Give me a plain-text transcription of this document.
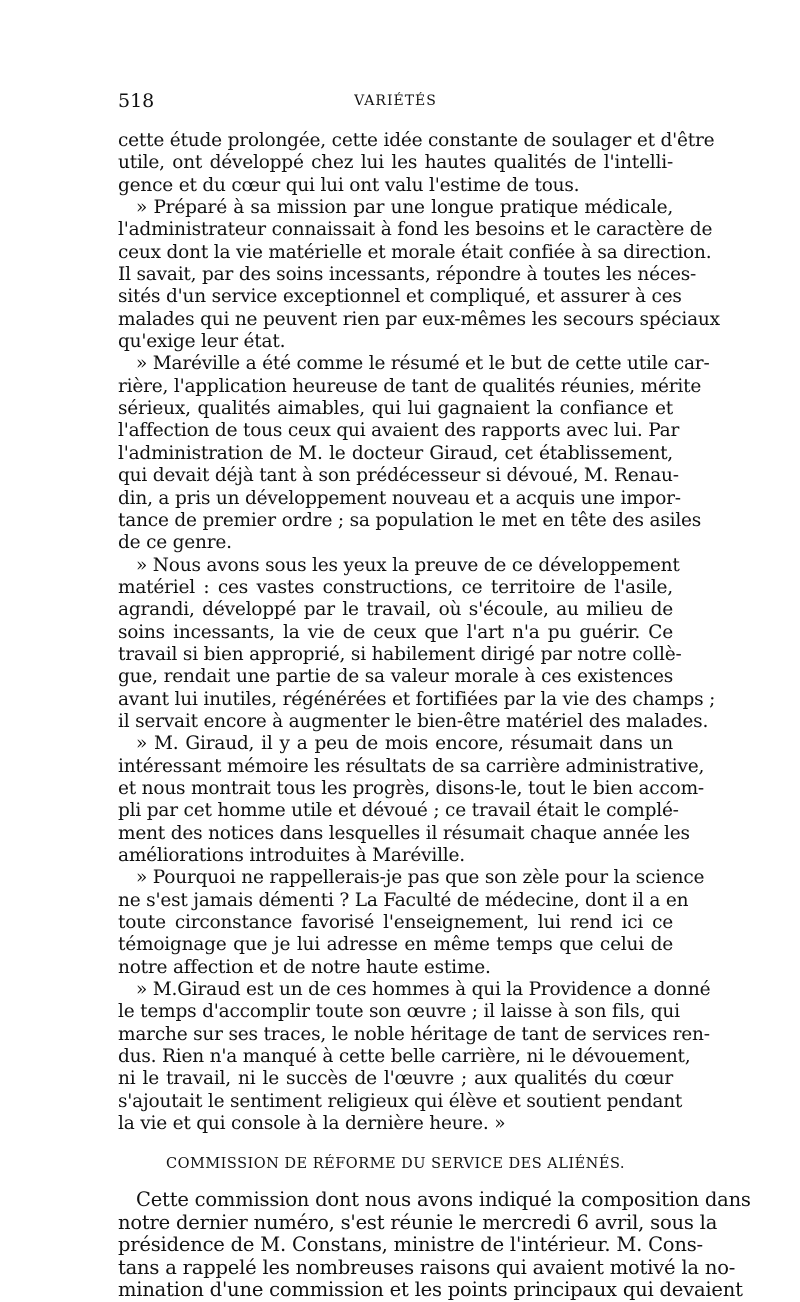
518	VARIÉTÉS
cette étude prolongée, cette idée constante de soulager et d'être
utile, ont développé chez lui les hautes qualités de l'intelli-
gence et du cœur qui lui ont valu l'estime de tous.
» Préparé à sa mission par une longue pratique médicale,
l'administrateur connaissait à fond les besoins et le caractère de
ceux dont la vie matérielle et morale était confiée à sa direction.
Il savait, par des soins incessants, répondre à toutes les néces-
sités d'un service exceptionnel et compliqué, et assurer à ces
malades qui ne peuvent rien par eux-mêmes les secours spéciaux
qu'exige leur état.
» Maréville a été comme le résumé et le but de cette utile car-
rière, l'application heureuse de tant de qualités réunies, mérite
sérieux, qualités aimables, qui lui gagnaient la confiance et
l'affection de tous ceux qui avaient des rapports avec lui. Par
l'administration de M. le docteur Giraud, cet établissement,
qui devait déjà tant à son prédécesseur si dévoué, M. Renau-
din, a pris un développement nouveau et a acquis une impor-
tance de premier ordre ; sa population le met en tête des asiles
de ce genre.
» Nous avons sous les yeux la preuve de ce développement
matériel : ces vastes constructions, ce territoire de l'asile,
agrandi, développé par le travail, où s'écoule, au milieu de
soins incessants, la vie de ceux que l'art n'a pu guérir. Ce
travail si bien approprié, si habilement dirigé par notre collè-
gue, rendait une partie de sa valeur morale à ces existences
avant lui inutiles, régénérées et fortifiées par la vie des champs ;
il servait encore à augmenter le bien-être matériel des malades.
» M. Giraud, il y a peu de mois encore, résumait dans un
intéressant mémoire les résultats de sa carrière administrative,
et nous montrait tous les progrès, disons-le, tout le bien accom-
pli par cet homme utile et dévoué ; ce travail était le complé-
ment des notices dans lesquelles il résumait chaque année les
améliorations introduites à Maréville.
» Pourquoi ne rappellerais-je pas que son zèle pour la science
ne s'est jamais démenti ? La Faculté de médecine, dont il a en
toute circonstance favorisé l'enseignement, lui rend ici ce
témoignage que je lui adresse en même temps que celui de
notre affection et de notre haute estime.
» M.Giraud est un de ces hommes à qui la Providence a donné
le temps d'accomplir toute son œuvre ; il laisse à son fils, qui
marche sur ses traces, le noble héritage de tant de services ren-
dus. Rien n'a manqué à cette belle carrière, ni le dévouement,
ni le travail, ni le succès de l'œuvre ; aux qualités du cœur
s'ajoutait le sentiment religieux qui élève et soutient pendant
la vie et qui console à la dernière heure. »
COMMISSION DE RÉFORME DU SERVICE DES ALIÉNÉS.
Cette commission dont nous avons indiqué la composition dans
notre dernier numéro, s'est réunie le mercredi 6 avril, sous la
présidence de M. Constans, ministre de l'intérieur. M. Cons-
tans a rappelé les nombreuses raisons qui avaient motivé la no-
mination d'une commission et les points principaux qui devaient
